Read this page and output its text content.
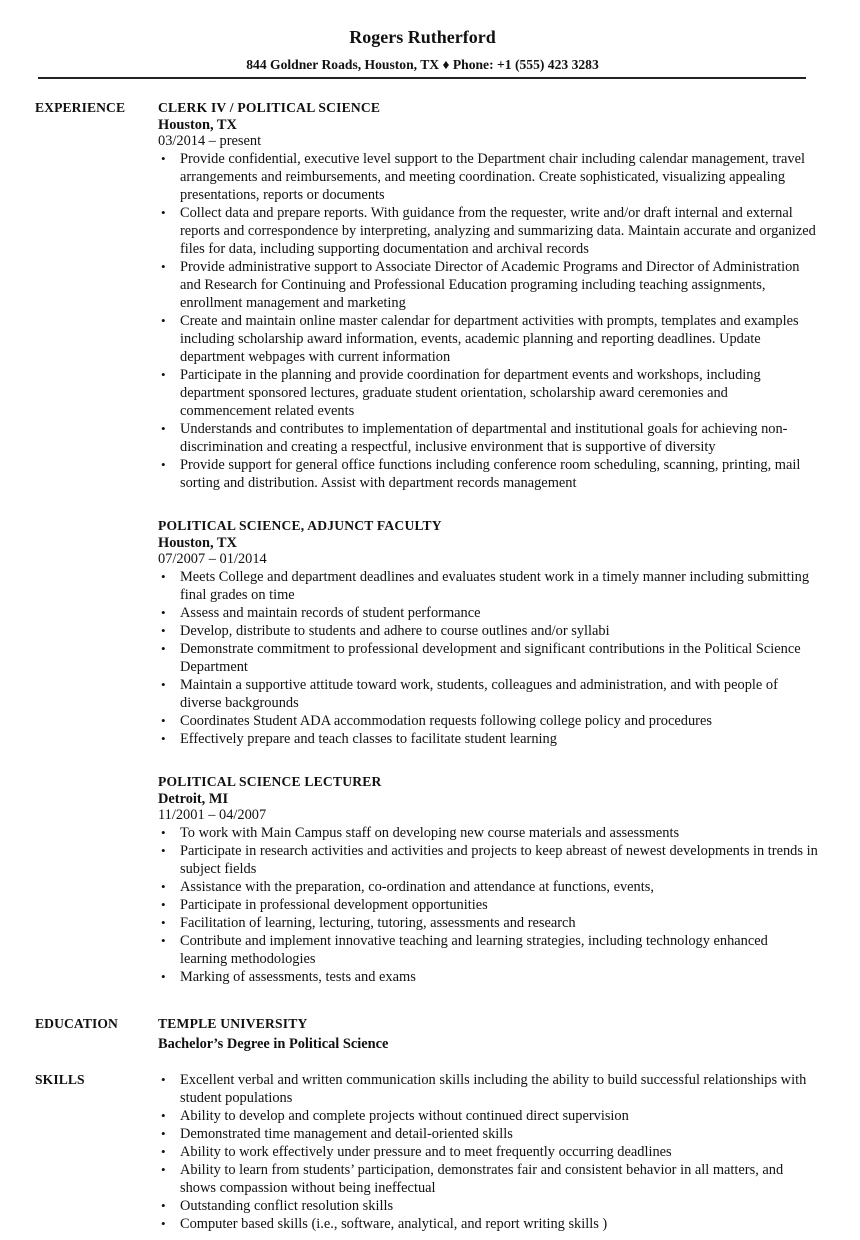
Rogers Rutherford
844 Goldner Roads, Houston, TX ♦ Phone: +1 (555) 423 3283
EXPERIENCE CLERK IV / POLITICAL SCIENCE
Houston, TX
03/2014 – present
• Provide confidential, executive level support to the Department chair including calendar management, travel arrangements and reimbursements, and meeting coordination. Create sophisticated, visualizing appealing presentations, reports or documents
• Collect data and prepare reports. With guidance from the requester, write and/or draft internal and external reports and correspondence by interpreting, analyzing and summarizing data. Maintain accurate and organized files for data, including supporting documentation and archival records
• Provide administrative support to Associate Director of Academic Programs and Director of Administration and Research for Continuing and Professional Education programing including teaching assignments, enrollment management and marketing
• Create and maintain online master calendar for department activities with prompts, templates and examples including scholarship award information, events, academic planning and reporting deadlines. Update department webpages with current information
• Participate in the planning and provide coordination for department events and workshops, including department sponsored lectures, graduate student orientation, scholarship award ceremonies and commencement related events
• Understands and contributes to implementation of departmental and institutional goals for achieving non-discrimination and creating a respectful, inclusive environment that is supportive of diversity
• Provide support for general office functions including conference room scheduling, scanning, printing, mail sorting and distribution. Assist with department records management
POLITICAL SCIENCE, ADJUNCT FACULTY
Houston, TX
07/2007 – 01/2014
• Meets College and department deadlines and evaluates student work in a timely manner including submitting final grades on time
• Assess and maintain records of student performance
• Develop, distribute to students and adhere to course outlines and/or syllabi
• Demonstrate commitment to professional development and significant contributions in the Political Science Department
• Maintain a supportive attitude toward work, students, colleagues and administration, and with people of diverse backgrounds
• Coordinates Student ADA accommodation requests following college policy and procedures
• Effectively prepare and teach classes to facilitate student learning
POLITICAL SCIENCE LECTURER
Detroit, MI
11/2001 – 04/2007
• To work with Main Campus staff on developing new course materials and assessments
• Participate in research activities and activities and projects to keep abreast of newest developments in trends in subject fields
• Assistance with the preparation, co-ordination and attendance at functions, events,
• Participate in professional development opportunities
• Facilitation of learning, lecturing, tutoring, assessments and research
• Contribute and implement innovative teaching and learning strategies, including technology enhanced learning methodologies
• Marking of assessments, tests and exams
EDUCATION	TEMPLE UNIVERSITY
Bachelor’s Degree in Political Science
SKILLS
•	Excellent verbal and written communication skills including the ability to build successful relationships with student populations
• Ability to develop and complete projects without continued direct supervision
• Demonstrated time management and detail-oriented skills
• Ability to work effectively under pressure and to meet frequently occurring deadlines
• Ability to learn from students’ participation, demonstrates fair and consistent behavior in all matters, and shows compassion without being ineffectual
• Outstanding conflict resolution skills
• Computer based skills (i.e., software, analytical, and report writing skills )
